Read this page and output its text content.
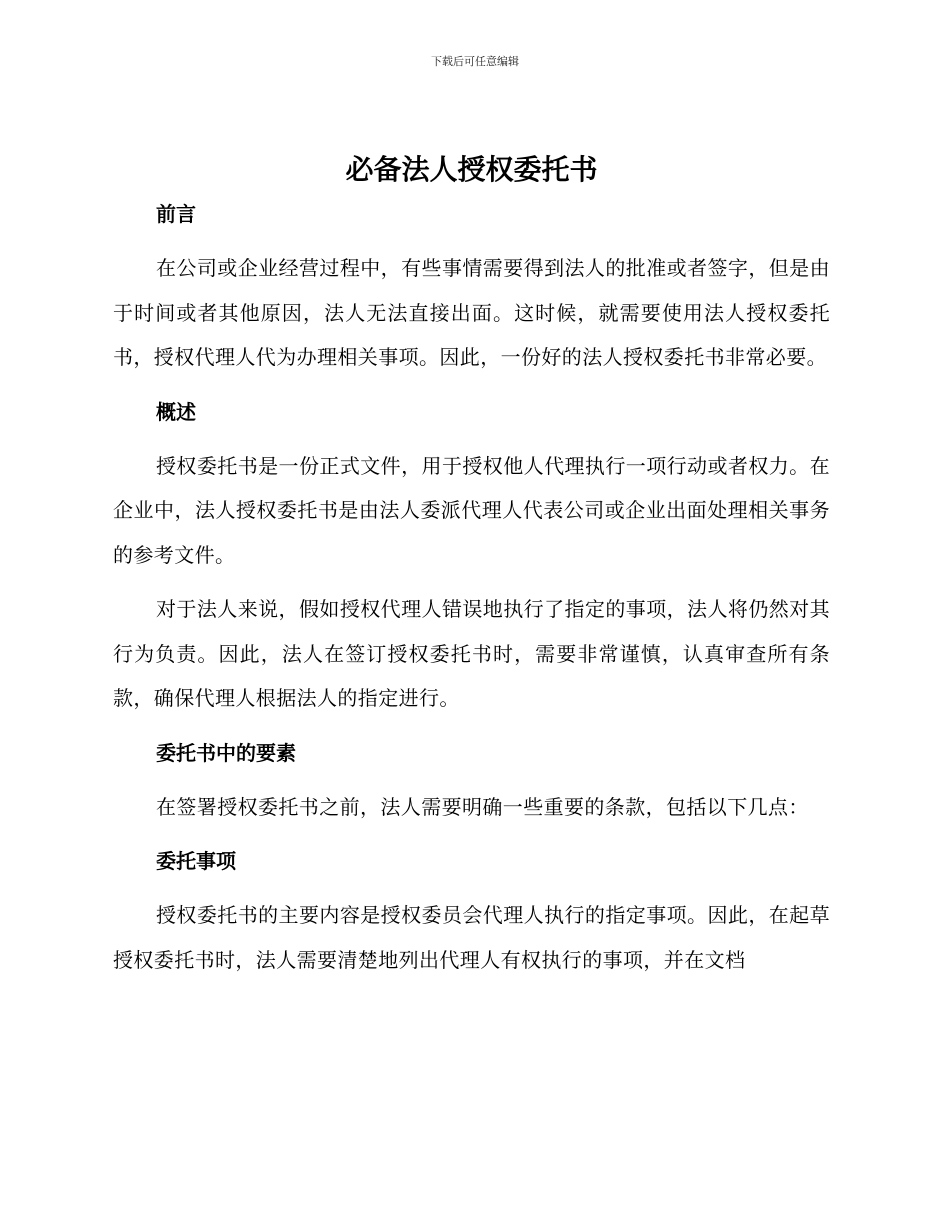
下载后可任意编辑
必备法人授权委托书
前言

在公司或企业经营过程中，有些事情需要得到法人的批准或者签字，但是由于时间或者其他原因，法人无法直接出面。这时候，就需要使用法人授权委托书，授权代理人代为办理相关事项。因此，一份好的法人授权委托书非常必要。

概述

授权委托书是一份正式文件，用于授权他人代理执行一项行动或者权力。在企业中，法人授权委托书是由法人委派代理人代表公司或企业出面处理相关事务的参考文件。

对于法人来说，假如授权代理人错误地执行了指定的事项，法人将仍然对其行为负责。因此，法人在签订授权委托书时，需要非常谨慎，认真审查所有条款，确保代理人根据法人的指定进行。

委托书中的要素

在签署授权委托书之前，法人需要明确一些重要的条款，包括以下几点：

委托事项

授权委托书的主要内容是授权委员会代理人执行的指定事项。因此，在起草授权委托书时，法人需要清楚地列出代理人有权执行的事项，并在文档
